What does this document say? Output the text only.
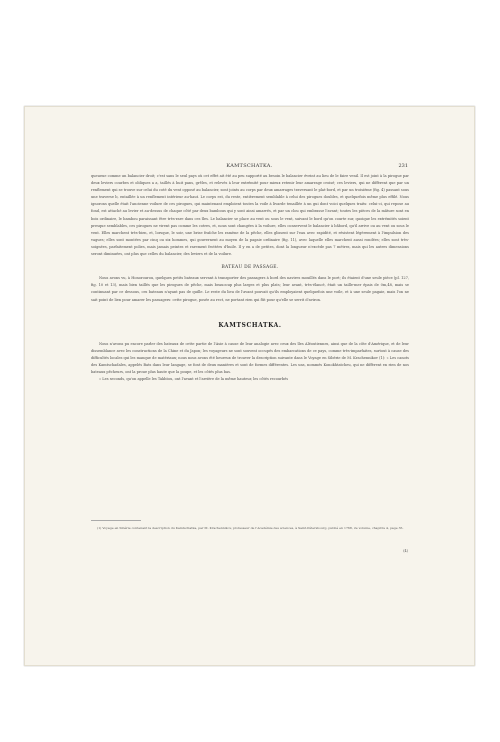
KAMTSCHATKA.	231

queueue comme un balancier droit; c'est sans le seul pays où cet effet ait été au peu supporté au besoin le balancier éveint au lieu de le faire venil. Il est joint à la pirogue par deux leviers courbes et obliques a a, taillés à huit pans, grêles, et relevés à leur extrémité pour mieux retenir leur amarrage croisé; ces leviers, qui ne diffèrent que par un renflement qui se trouve sur celui du coté du vent opposé au balancier, sont joints au corps par deux amarrages traversant le plat-bord, et par un troisième (fig. 4) passant sous une traverse b, entaillée à un renflement intérieur au-haut. Le corps est, du reste, entièrement semblable à celui des pirogues doubles, et quelquefois même plus effilé. Nous ignorons quelle était l'ancienne voilure de ces pirogues, qui maintenant emploient toutes la voile à livarde tenaillée à un gui dont voici quelques traits: celui-ci, qui repose au fond, est attaché au levier et au-dessus de chaque côté par deux bambous qui y sont ainsi amarrés, et par un clou qui embrasse l'avant; toutes les pièces de la mâture sont en bois ordinaire, le bambou paraissant être très-rare dans ces îles. Le balancier se place au vent ou sous le vent, suivant le bord qu'on courte sur, quoique les extrémités soient presque semblables, ces pirogues ne virent pas comme les cotres, et, nous sont changées à la voilure, elles conservent le balancier à bâbord, qu'il arrive ou au vent ou sous le vent. Elles marchent très-bien, et, lorsque, le soir, une brise fraîche les ramène de la pêche, elles glissent sur l'eau avec rapidité, et résistent légèrement à l'impulsion des vagues; elles sont montées par cinq ou six hommes, qui gouvernent au moyen de la pagaie ordinaire (fig. 11), avec laquelle elles marchent aussi rondées; elles sont très-soignées, parfaitement polies, mais jamais peintes et rarement frottées d'huile. Il y en a de petites, dont la longueur n'excède pas 7 mètres, mais qui les autres dimensions seront diminuées, ont plus que celles du balancier, des leviers et de la voilure.

BATEAU DE PASSAGE.

Nous avons vu, à Honorourou, quelques petits bateaux servant à transporter des passagers à bord des navires mouillés dans le port; ils étaient d'une seule pièce (pl. 127, fig. 10 et 13), mais bien taillés que les pirogues de pêche, mais beaucoup plus larges et plus plats; leur avant, très-élancé, était un taille-mer épais de 0m,48, mais se continuant par ce dessous, ces bateaux n'ayant pas de quille. Le reste du lieu de l'avant pouvait qu'ils employaient quelquefois une voile, et à une seule pagaie, mais l'on ne sait point de lien pour amarer les passagers: cette pirogue, posée au rect, ne portant rien qui fût pour qu'elle se serrit d'aviron.

KAMTSCHATKA.

Nous n'avons pu encore parler des bateaux de cette partie de l'Asie à cause de leur analogie avec ceux des îles Aléoutiennes, ainsi que de la côte d'Amérique, et de leur dissemblance avec les constructions de la Chine et du Japon; les voyageurs ne sont souvent occupés des embarcations de ce pays, comme très-imparfaites, surtout à cause des difficultés locales qui les manque de matériaux; nous nous avons été heureux de trouver la description suivante dans le Voyage en Sibérie de M. Krachennikov (1): « Les canots des Kamtschadales, appelés Bats dans leur langage, se font de deux manières et sont de formes différentes. Les uns, nommés Konokhtatcheu, qui ne diffèrent en rien de nos bateaux pêcheurs, ont la proue plus haute que la poupe, et les côtés plus bas.

« Les seconds, qu'on appelle les Takhtou, ont l'avant et l'arrière de la même hauteur, les côtés recourbés

(1) Voyage en Sibérie contenant la description du Kamtschatka, par M. Krachennikov, professeur de l'Académie des sciences, à Saint-Pétersbourg, publié en 1768, 2e volume, chapitre 4, page 35.
(4)
